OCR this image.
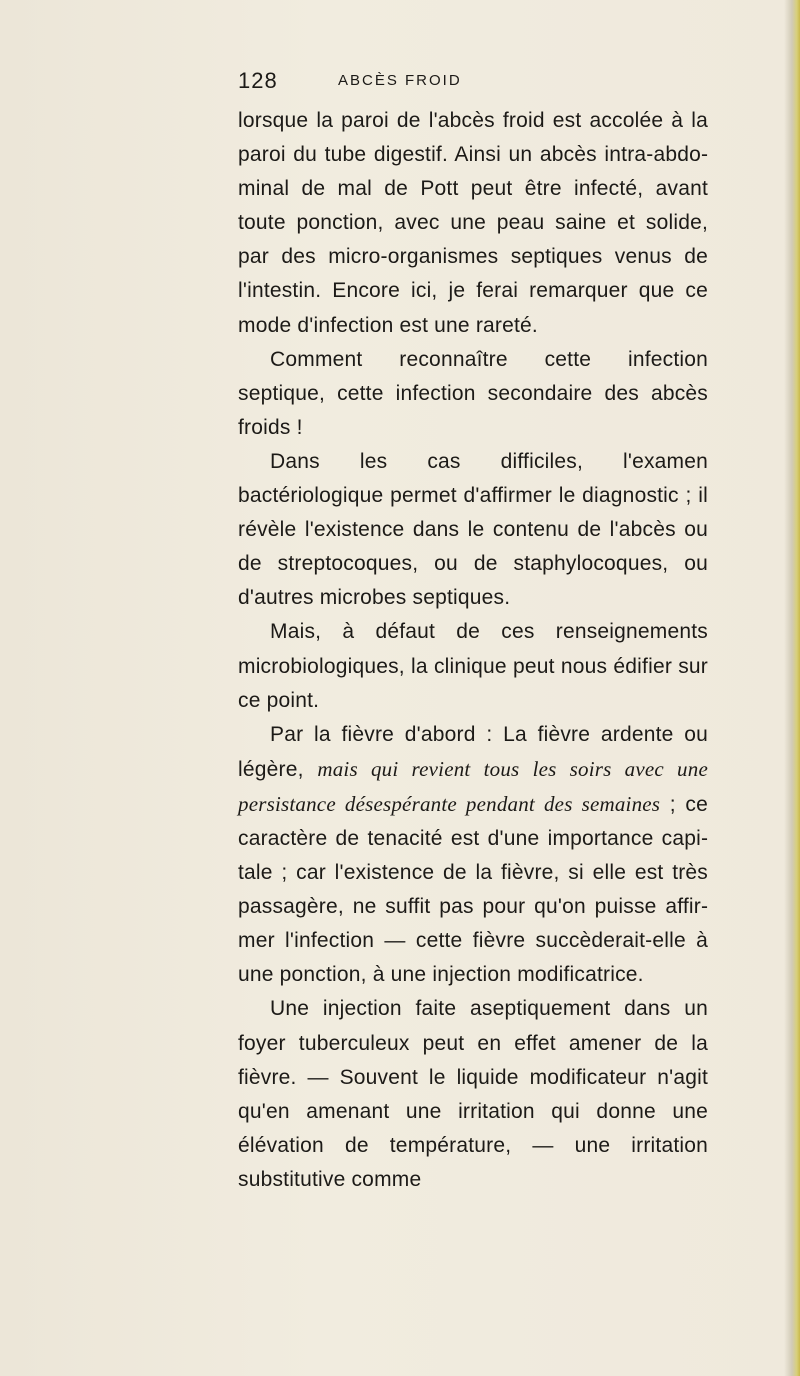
128	ABCÈS FROID

lorsque la paroi de l'abcès froid est accolée à la paroi du tube digestif. Ainsi un abcès intra-abdominal de mal de Pott peut être infecté, avant toute ponction, avec une peau saine et solide, par des micro-organismes septiques venus de l'intestin. Encore ici, je ferai remarquer que ce mode d'infection est une rareté.

Comment reconnaître cette infection septique, cette infection secondaire des abcès froids !

Dans les cas difficiles, l'examen bactériologique permet d'affirmer le diagnostic ; il révèle l'existence dans le contenu de l'abcès ou de streptocoques, ou de staphylocoques, ou d'autres microbes septiques.

Mais, à défaut de ces renseignements microbiologiques, la clinique peut nous édifier sur ce point.

Par la fièvre d'abord : La fièvre ardente ou légère, mais qui revient tous les soirs avec une persistance désespérante pendant des semaines ; ce caractère de tenacité est d'une importance capitale ; car l'existence de la fièvre, si elle est très passagère, ne suffit pas pour qu'on puisse affirmer l'infection — cette fièvre succèderait-elle à une ponction, à une injection modificatrice.

Une injection faite aseptiquement dans un foyer tuberculeux peut en effet amener de la fièvre. — Souvent le liquide modificateur n'agit qu'en amenant une irritation qui donne une élévation de température, — une irritation substitutive comme
